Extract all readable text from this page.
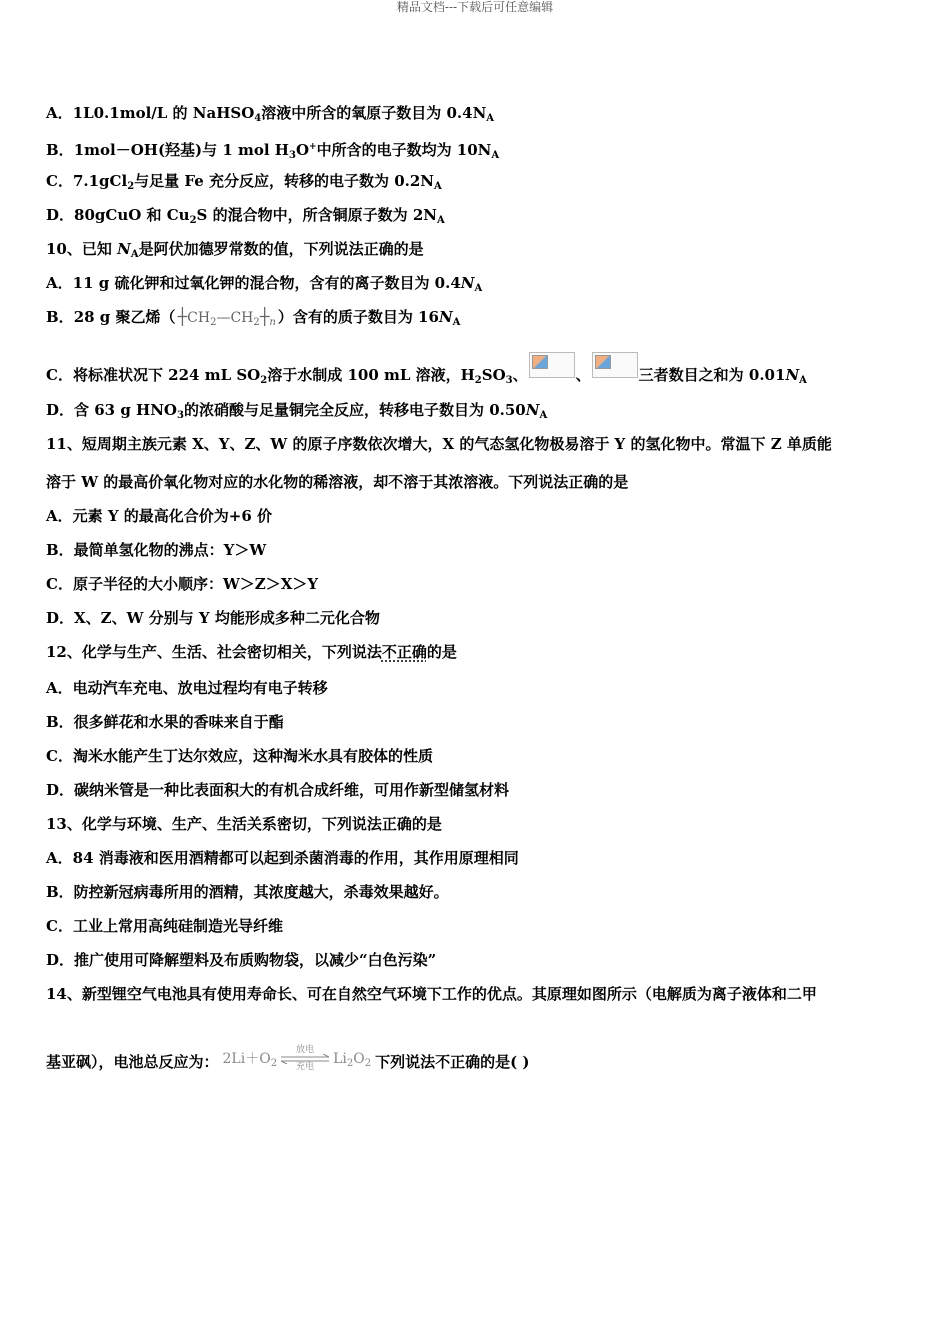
精品文档---下载后可任意编辑
A．1L0.1mol/L 的 NaHSO$_4$溶液中所含的氧原子数目为 $0.4N_A$
B．1mol－OH(羟基)与 1 mol $H_3O^+$中所含的电子数均为 $10N_A$
C．7.1gCl$_2$与足量 Fe 充分反应，转移的电子数为 $0.2N_A$
D．80gCuO 和 $Cu_2S$ 的混合物中，所含铜原子数为 $2N_A$
10、已知 $N_A$是阿伏加德罗常数的值，下列说法正确的是
A．11 g 硫化钾和过氧化钾的混合物，含有的离子数目为 $0.4N_A$
B．28 g 聚乙烯（ $┼CH_2—CH_2┼_n$ ）含有的质子数目为 $16N_A$
C．将标准状况下 224 mL $SO_2$溶于水制成 100 mL 溶液，$H_2SO_3$、	、	三者数目之和为 $0.01N_A$
D．含 63 g $HNO_3$的浓硝酸与足量铜完全反应，转移电子数目为 $0.50N_A$
11、短周期主族元素 X、Y、Z、W 的原子序数依次增大，X 的气态氢化物极易溶于 Y 的氢化物中。常温下 Z 单质能
溶于 W 的最高价氧化物对应的水化物的稀溶液，却不溶于其浓溶液。下列说法正确的是
A．元素 Y 的最高化合价为+6 价
B．最简单氢化物的沸点：Y＞W
C．原子半径的大小顺序：W＞Z＞X＞Y
D．X、Z、W 分别与 Y 均能形成多种二元化合物
12、化学与生产、生活、社会密切相关，下列说法不正确的是
A．电动汽车充电、放电过程均有电子转移
B．很多鲜花和水果的香味来自于酯
C．淘米水能产生丁达尔效应，这种淘米水具有胶体的性质
D．碳纳米管是一种比表面积大的有机合成纤维，可用作新型储氢材料
13、化学与环境、生产、生活关系密切，下列说法正确的是
A．84 消毒液和医用酒精都可以起到杀菌消毒的作用，其作用原理相同
B．防控新冠病毒所用的酒精，其浓度越大，杀毒效果越好。
C．工业上常用高纯硅制造光导纤维
D．推广使用可降解塑料及布质购物袋，以减少“白色污染”
14、新型锂空气电池具有使用寿命长、可在自然空气环境下工作的优点。其原理如图所示（电解质为离子液体和二甲
基亚砜），电池总反应为： $2Li+O_2$
放电
充电	$Li_2O_2$ 下列说法不正确的是( )
